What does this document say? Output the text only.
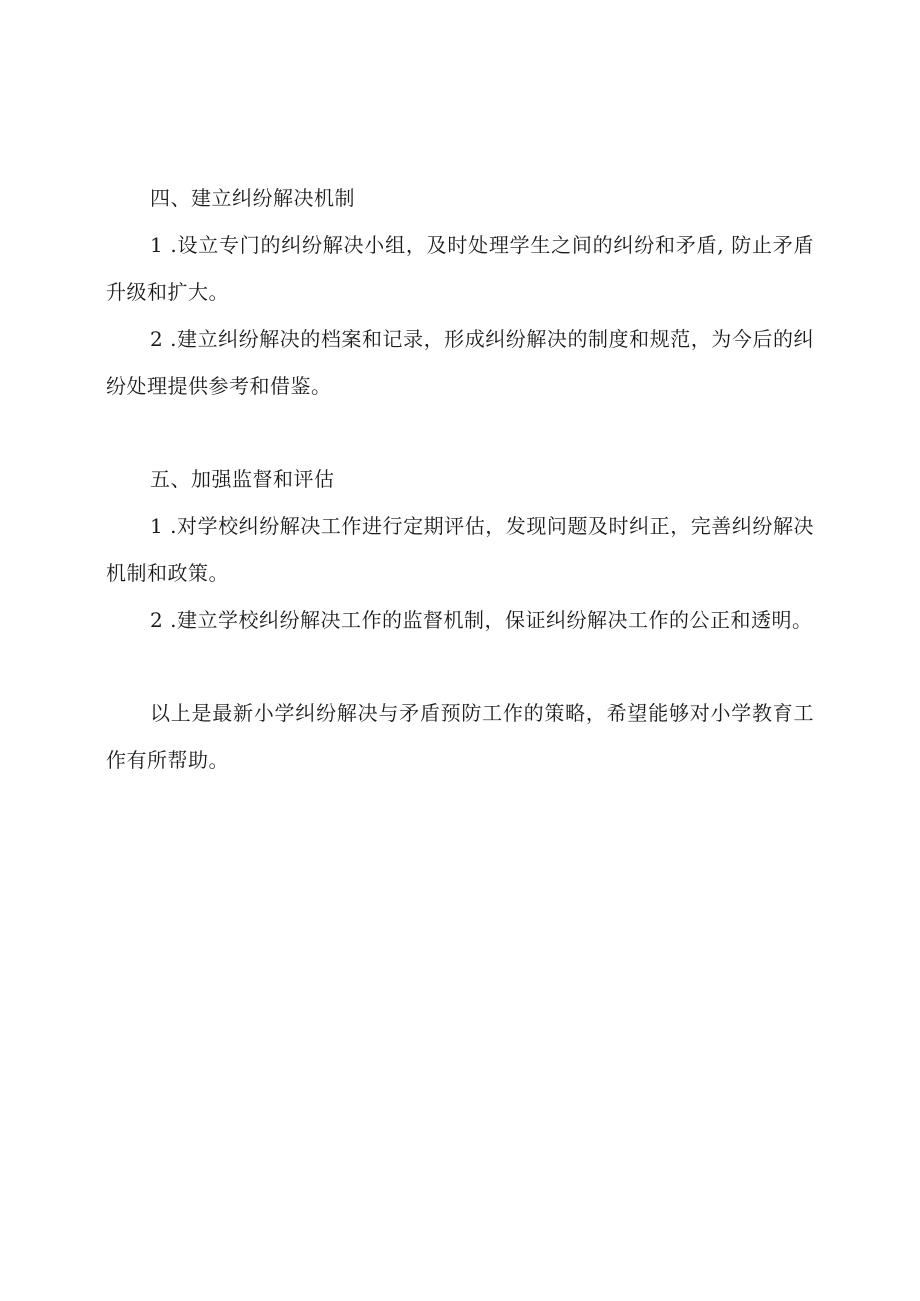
四、建立纠纷解决机制

1 .设立专门的纠纷解决小组，及时处理学生之间的纠纷和矛盾, 防止矛盾升级和扩大。

2 .建立纠纷解决的档案和记录，形成纠纷解决的制度和规范，为今后的纠纷处理提供参考和借鉴。

五、加强监督和评估

1 .对学校纠纷解决工作进行定期评估，发现问题及时纠正，完善纠纷解决机制和政策。

2 .建立学校纠纷解决工作的监督机制，保证纠纷解决工作的公正和透明。

以上是最新小学纠纷解决与矛盾预防工作的策略，希望能够对小学教育工作有所帮助。
